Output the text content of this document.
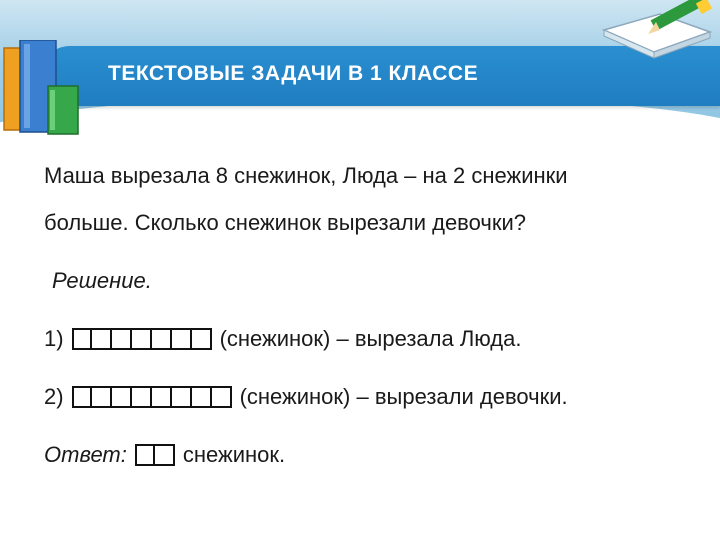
ТЕКСТОВЫЕ ЗАДАЧИ В 1 КЛАССЕ
Маша вырезала 8 снежинок, Люда – на 2 снежинки
больше. Сколько снежинок вырезали девочки?
Решение.
1)	(снежинок) – вырезала Люда.
2)	(снежинок) – вырезали девочки.
Ответ:	снежинок.
